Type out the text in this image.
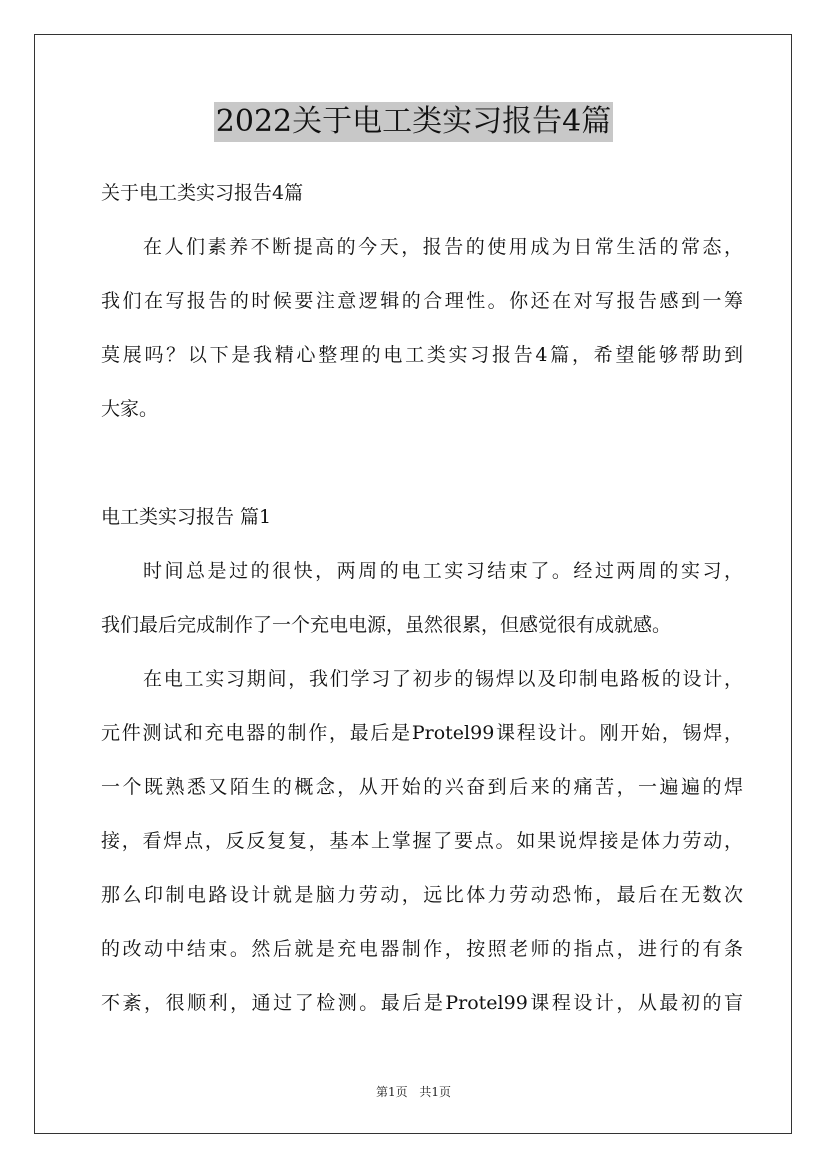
2022关于电工类实习报告4篇
关于电工类实习报告4篇
在人们素养不断提高的今天，报告的使用成为日常生活的常态，
我们在写报告的时候要注意逻辑的合理性。你还在对写报告感到一筹
莫展吗？以下是我精心整理的电工类实习报告4篇，希望能够帮助到
大家。
电工类实习报告 篇1
时间总是过的很快，两周的电工实习结束了。经过两周的实习，
我们最后完成制作了一个充电电源，虽然很累，但感觉很有成就感。
在电工实习期间，我们学习了初步的锡焊以及印制电路板的设计，
元件测试和充电器的制作，最后是Protel99课程设计。刚开始，锡焊，
一个既熟悉又陌生的概念，从开始的兴奋到后来的痛苦，一遍遍的焊
接，看焊点，反反复复，基本上掌握了要点。如果说焊接是体力劳动，
那么印制电路设计就是脑力劳动，远比体力劳动恐怖，最后在无数次
的改动中结束。然后就是充电器制作，按照老师的指点，进行的有条
不紊，很顺利，通过了检测。最后是Protel99课程设计，从最初的盲
第1页 共1页
